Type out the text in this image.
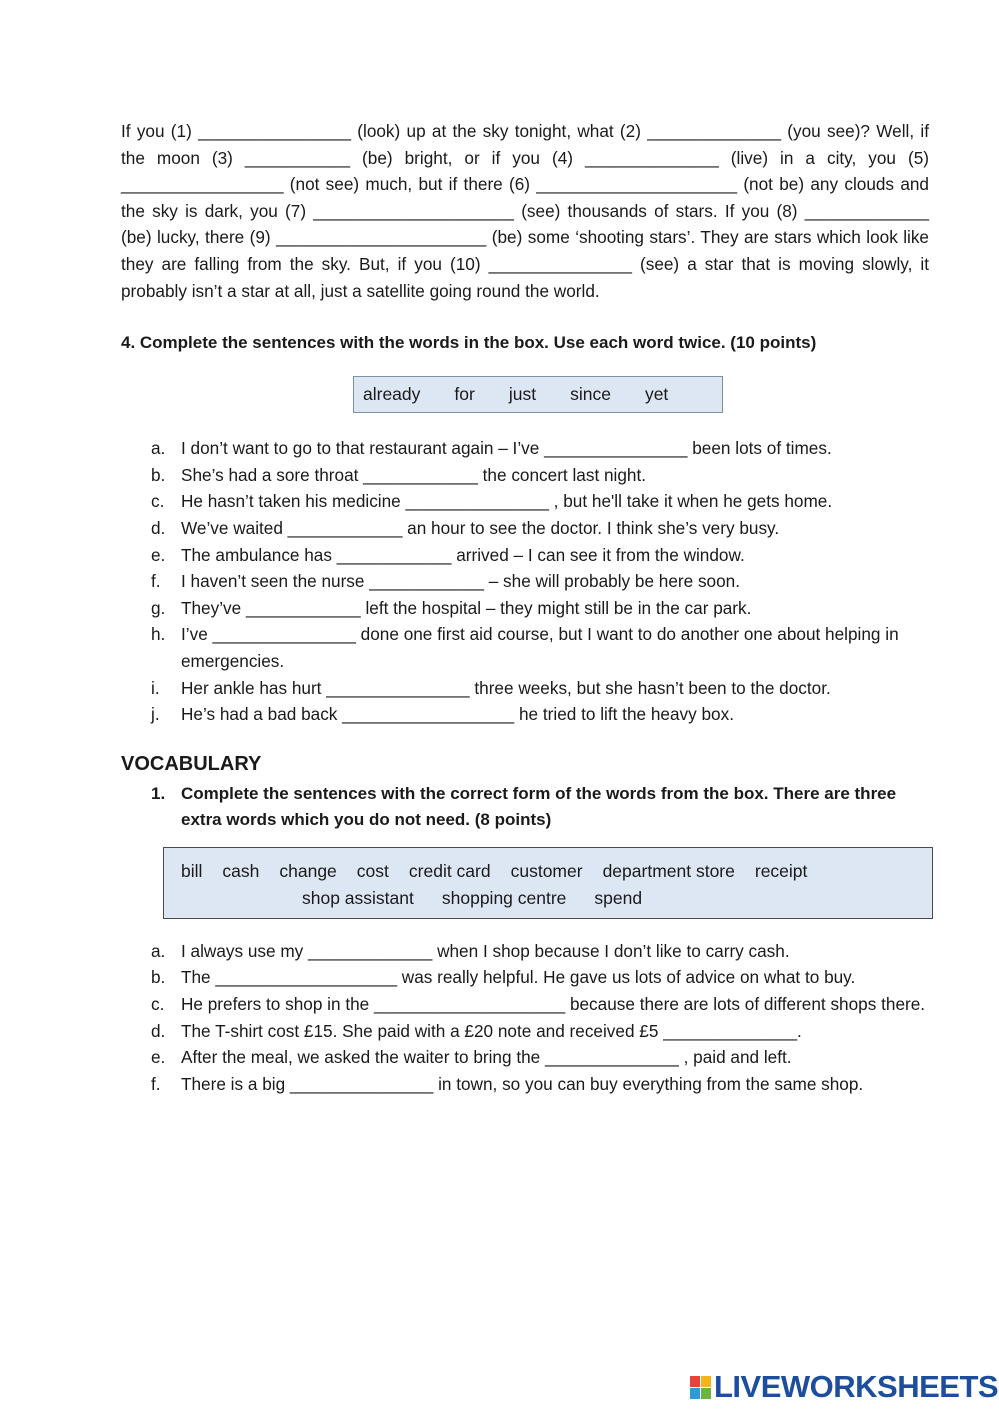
If you (1) ________________ (look) up at the sky tonight, what (2) ______________ (you see)? Well, if the moon (3) ___________ (be) bright, or if you (4) ______________ (live) in a city, you (5) _________________ (not see) much, but if there (6) _____________________ (not be) any clouds and the sky is dark, you (7) _____________________ (see) thousands of stars. If you (8) _____________ (be) lucky, there (9) ______________________ (be) some ‘shooting stars’. They are stars which look like they are falling from the sky. But, if you (10) _______________ (see) a star that is moving slowly, it probably isn’t a star at all, just a satellite going round the world.

4. Complete the sentences with the words in the box. Use each word twice. (10 points)
already for just since yet
a. I don’t want to go to that restaurant again – I’ve _______________ been lots of times.
b. She’s had a sore throat ____________ the concert last night.
c. He hasn’t taken his medicine _______________ , but he'll take it when he gets home.
d. We’ve waited ____________ an hour to see the doctor. I think she’s very busy.
e. The ambulance has ____________ arrived – I can see it from the window.
f. I haven’t seen the nurse ____________ – she will probably be here soon.
g. They’ve ____________ left the hospital – they might still be in the car park.
h. I’ve _______________ done one first aid course, but I want to do another one about helping in emergencies.
i. Her ankle has hurt _______________ three weeks, but she hasn’t been to the doctor.
j. He’s had a bad back __________________ he tried to lift the heavy box.
VOCABULARY
1. Complete the sentences with the correct form of the words from the box. There are three extra words which you do not need. (8 points)
bill cash change cost credit card customer department store receipt
shop assistant shopping centre spend
a. I always use my _____________ when I shop because I don’t like to carry cash.
b. The ___________________ was really helpful. He gave us lots of advice on what to buy.
c. He prefers to shop in the ____________________ because there are lots of different shops there.
d. The T-shirt cost £15. She paid with a £20 note and received £5 ______________.
e. After the meal, we asked the waiter to bring the ______________ , paid and left.
f. There is a big _______________ in town, so you can buy everything from the same shop.
LIVEWORKSHEETS
